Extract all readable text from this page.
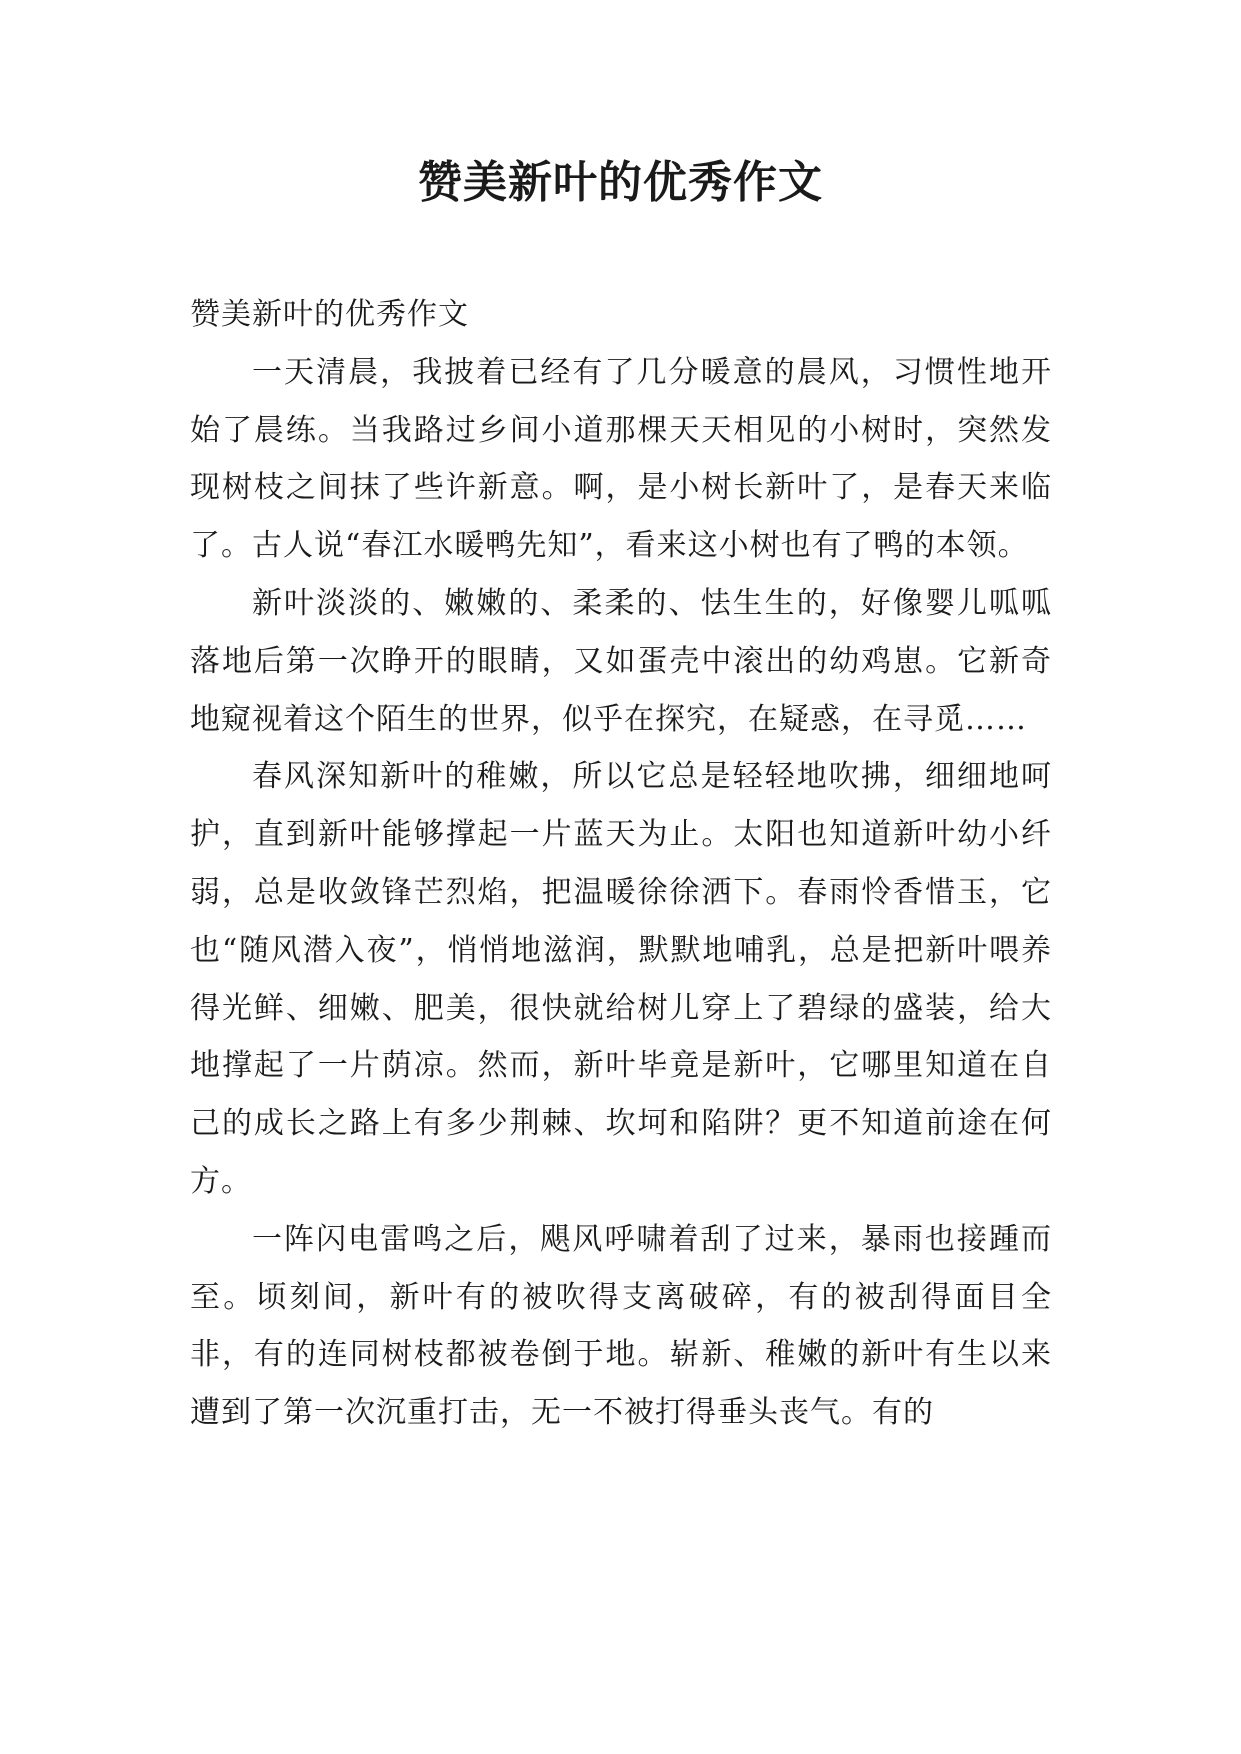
赞美新叶的优秀作文

赞美新叶的优秀作文

一天清晨，我披着已经有了几分暖意的晨风，习惯性地开始了晨练。当我路过乡间小道那棵天天相见的小树时，突然发现树枝之间抹了些许新意。啊，是小树长新叶了，是春天来临了。古人说“春江水暖鸭先知”，看来这小树也有了鸭的本领。

新叶淡淡的、嫩嫩的、柔柔的、怯生生的，好像婴儿呱呱落地后第一次睁开的眼睛，又如蛋壳中滚出的幼鸡崽。它新奇地窥视着这个陌生的世界，似乎在探究，在疑惑，在寻觅……

春风深知新叶的稚嫩，所以它总是轻轻地吹拂，细细地呵护，直到新叶能够撑起一片蓝天为止。太阳也知道新叶幼小纤弱，总是收敛锋芒烈焰，把温暖徐徐洒下。春雨怜香惜玉，它也“随风潜入夜”，悄悄地滋润，默默地哺乳，总是把新叶喂养得光鲜、细嫩、肥美，很快就给树儿穿上了碧绿的盛装，给大地撑起了一片荫凉。然而，新叶毕竟是新叶，它哪里知道在自己的成长之路上有多少荆棘、坎坷和陷阱？更不知道前途在何方。

一阵闪电雷鸣之后，飓风呼啸着刮了过来，暴雨也接踵而至。顷刻间，新叶有的被吹得支离破碎，有的被刮得面目全非，有的连同树枝都被卷倒于地。崭新、稚嫩的新叶有生以来遭到了第一次沉重打击，无一不被打得垂头丧气。有的
